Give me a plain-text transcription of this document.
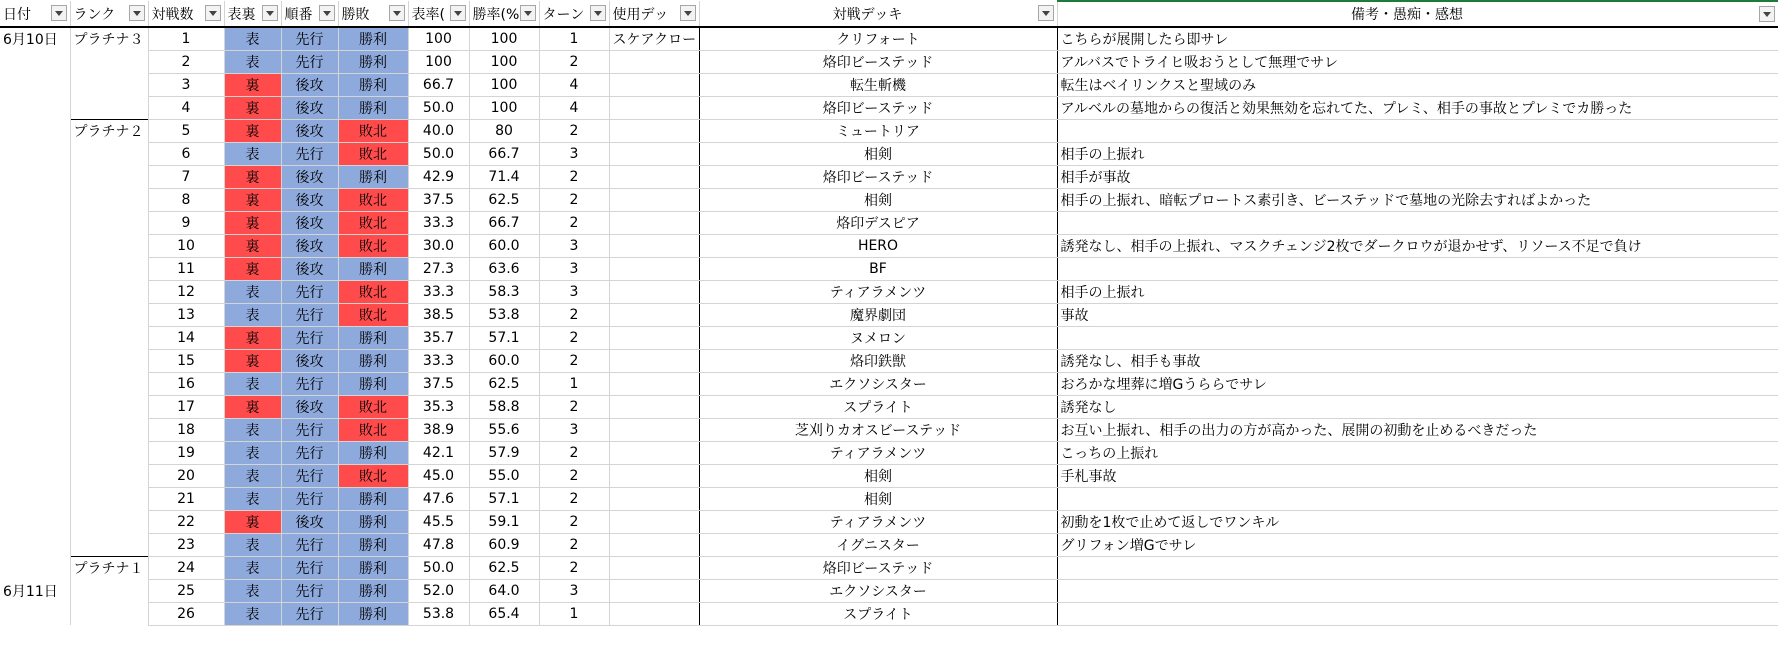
日付	ランク	対戦数	表裏	順番	勝敗	表率(	勝率(%	ターン	使用デッ	対戦デッキ	備考・愚痴・感想

6月10日	プラチナ３	1	表	先行	勝利	100	100	1	スケアクロー	クリフォート	こちらが展開したら即サレ
		2	表	先行	勝利	100	100	2		烙印ビーステッド	アルバスでトライヒ吸おうとして無理でサレ
		3	裏	後攻	勝利	66.7	100	4		転生斬機	転生はベイリンクスと聖域のみ
		4	裏	後攻	勝利	50.0	100	4		烙印ビーステッド	アルベルの墓地からの復活と効果無効を忘れてた、プレミ、相手の事故とプレミでカ勝った
	プラチナ２	5	裏	後攻	敗北	40.0	80	2		ミュートリア	
		6	表	先行	敗北	50.0	66.7	3		相剣	相手の上振れ
		7	裏	後攻	勝利	42.9	71.4	2		烙印ビーステッド	相手が事故
		8	裏	後攻	敗北	37.5	62.5	2		相剣	相手の上振れ、暗転プロートス素引き、ビーステッドで墓地の光除去すればよかった
		9	裏	後攻	敗北	33.3	66.7	2		烙印デスピア	
		10	裏	後攻	敗北	30.0	60.0	3		HERO	誘発なし、相手の上振れ、マスクチェンジ2枚でダークロウが退かせず、リソース不足で負け
		11	裏	後攻	勝利	27.3	63.6	3		BF	
		12	表	先行	敗北	33.3	58.3	3		ティアラメンツ	相手の上振れ
		13	表	先行	敗北	38.5	53.8	2		魔界劇団	事故
		14	裏	先行	勝利	35.7	57.1	2		ヌメロン	
		15	裏	後攻	勝利	33.3	60.0	2		烙印鉄獣	誘発なし、相手も事故
		16	表	先行	勝利	37.5	62.5	1		エクソシスター	おろかな埋葬に増Gうららでサレ
		17	裏	後攻	敗北	35.3	58.8	2		スプライト	誘発なし
		18	表	先行	敗北	38.9	55.6	3		芝刈りカオスビーステッド	お互い上振れ、相手の出力の方が高かった、展開の初動を止めるべきだった
		19	表	先行	勝利	42.1	57.9	2		ティアラメンツ	こっちの上振れ
		20	表	先行	敗北	45.0	55.0	2		相剣	手札事故
		21	表	先行	勝利	47.6	57.1	2		相剣	
		22	裏	後攻	勝利	45.5	59.1	2		ティアラメンツ	初動を1枚で止めて返しでワンキル
		23	表	先行	勝利	47.8	60.9	2		イグニスター	グリフォン増Gでサレ
	プラチナ１	24	表	先行	勝利	50.0	62.5	2		烙印ビーステッド	
6月11日		25	表	先行	勝利	52.0	64.0	3		エクソシスター	
		26	表	先行	勝利	53.8	65.4	1		スプライト	
